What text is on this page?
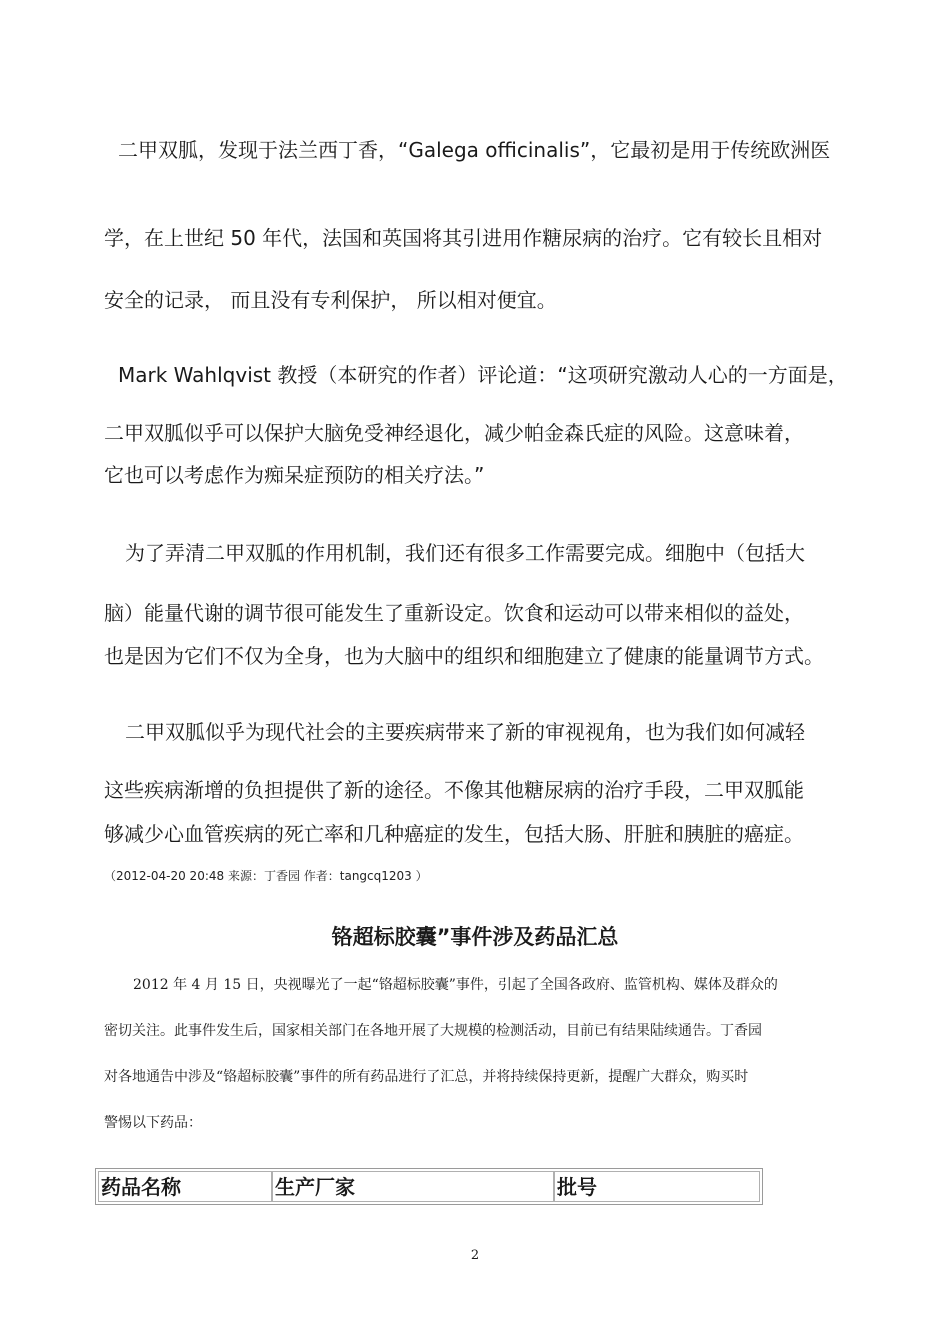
二甲双胍，发现于法兰西丁香，“Galega officinalis”，它最初是用于传统欧洲医

学，在上世纪 50 年代，法国和英国将其引进用作糖尿病的治疗。它有较长且相对

安全的记录， 而且没有专利保护， 所以相对便宜。

Mark Wahlqvist 教授（本研究的作者）评论道：“这项研究激动人心的一方面是，

二甲双胍似乎可以保护大脑免受神经退化，减少帕金森氏症的风险。这意味着，

它也可以考虑作为痴呆症预防的相关疗法。”

为了弄清二甲双胍的作用机制，我们还有很多工作需要完成。细胞中（包括大

脑）能量代谢的调节很可能发生了重新设定。饮食和运动可以带来相似的益处，

也是因为它们不仅为全身，也为大脑中的组织和细胞建立了健康的能量调节方式。

二甲双胍似乎为现代社会的主要疾病带来了新的审视视角，也为我们如何减轻

这些疾病渐增的负担提供了新的途径。不像其他糖尿病的治疗手段，二甲双胍能

够减少心血管疾病的死亡率和几种癌症的发生，包括大肠、肝脏和胰脏的癌症。

（2012-04-20 20:48 来源：丁香园 作者：tangcq1203 ）
铬超标胶囊”事件涉及药品汇总
2012 年 4 月 15 日，央视曝光了一起“铬超标胶囊”事件，引起了全国各政府、监管机构、媒体及群众的
密切关注。此事件发生后，国家相关部门在各地开展了大规模的检测活动，目前已有结果陆续通告。丁香园
对各地通告中涉及“铬超标胶囊”事件的所有药品进行了汇总，并将持续保持更新，提醒广大群众，购买时
警惕以下药品：
药品名称	生产厂家	批号
2
